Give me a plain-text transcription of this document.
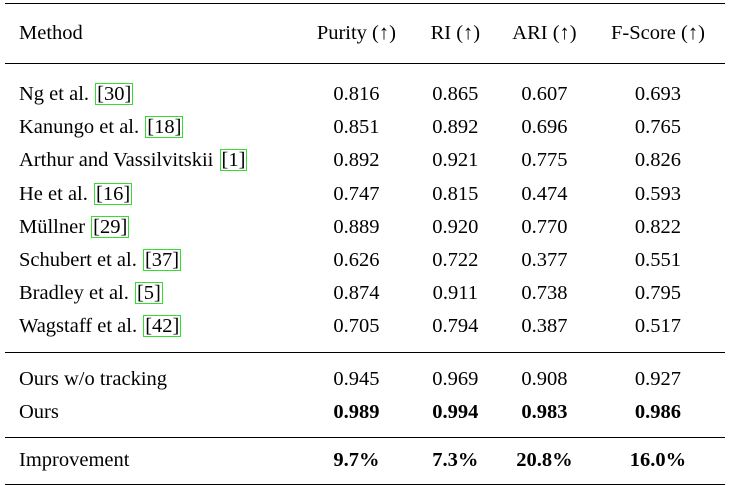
Method	Purity (↑)	RI (↑)	ARI (↑)	F-Score (↑)
Ng et al. [30]	0.816	0.865	0.607	0.693
Kanungo et al. [18]	0.851	0.892	0.696	0.765
Arthur and Vassilvitskii [1]	0.892	0.921	0.775	0.826
He et al. [16]	0.747	0.815	0.474	0.593
Müllner [29]	0.889	0.920	0.770	0.822
Schubert et al. [37]	0.626	0.722	0.377	0.551
Bradley et al. [5]	0.874	0.911	0.738	0.795
Wagstaff et al. [42]	0.705	0.794	0.387	0.517
Ours w/o tracking	0.945	0.969	0.908	0.927
Ours	0.989	0.994	0.983	0.986
Improvement	9.7%	7.3%	20.8%	16.0%
